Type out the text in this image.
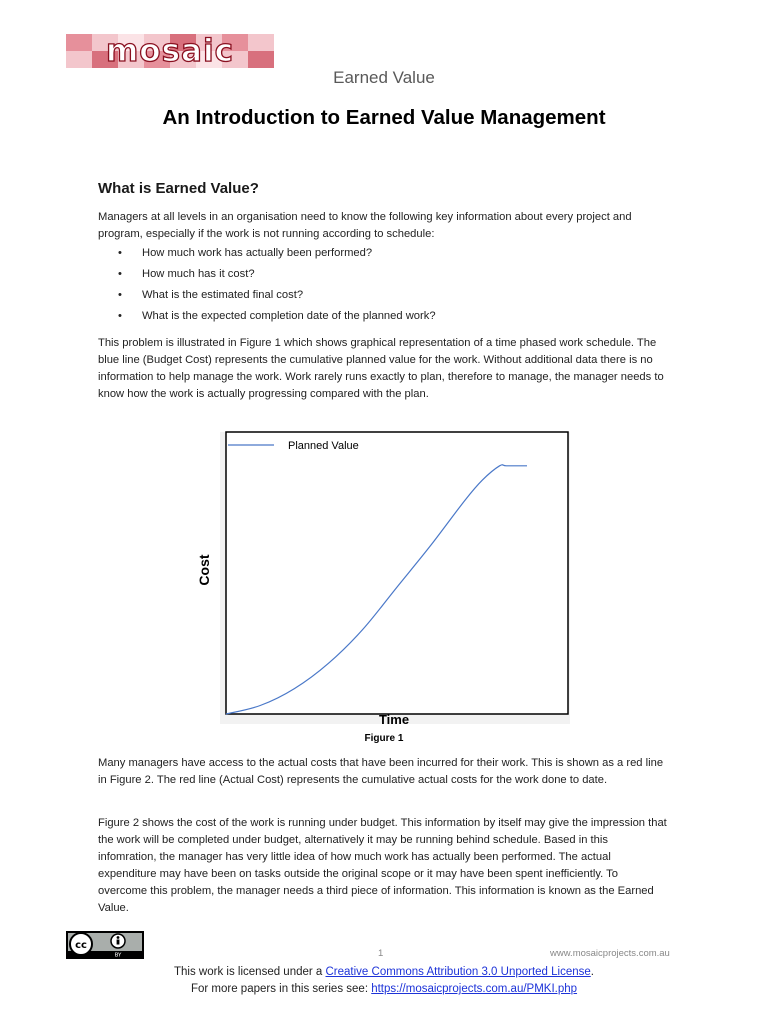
mosaic
Earned Value
An Introduction to Earned Value Management
What is Earned Value?
Managers at all levels in an organisation need to know the following key information about every project and program, especially if the work is not running according to schedule:
• How much work has actually been performed?
• How much has it cost?
• What is the estimated final cost?
• What is the expected completion date of the planned work?
This problem is illustrated in Figure 1 which shows graphical representation of a time phased work schedule. The blue line (Budget Cost) represents the cumulative planned value for the work. Without additional data there is no information to help manage the work. Work rarely runs exactly to plan, therefore to manage, the manager needs to know how the work is actually progressing compared with the plan.
Planned Value
Cost
Time
Figure 1
Many managers have access to the actual costs that have been incurred for their work. This is shown as a red line in Figure 2. The red line (Actual Cost) represents the cumulative actual costs for the work done to date.
Figure 2 shows the cost of the work is running under budget. This information by itself may give the impression that the work will be completed under budget, alternatively it may be running behind schedule. Based in this infomration, the manager has very little idea of how much work has actually been performed. The actual expenditure may have been on tasks outside the original scope or it may have been spent inefficiently. To overcome this problem, the manager needs a third piece of information. This information is known as the Earned Value.
cc
BY	1	www.mosaicprojects.com.au
This work is licensed under a Creative Commons Attribution 3.0 Unported License.
For more papers in this series see: https://mosaicprojects.com.au/PMKI.php
